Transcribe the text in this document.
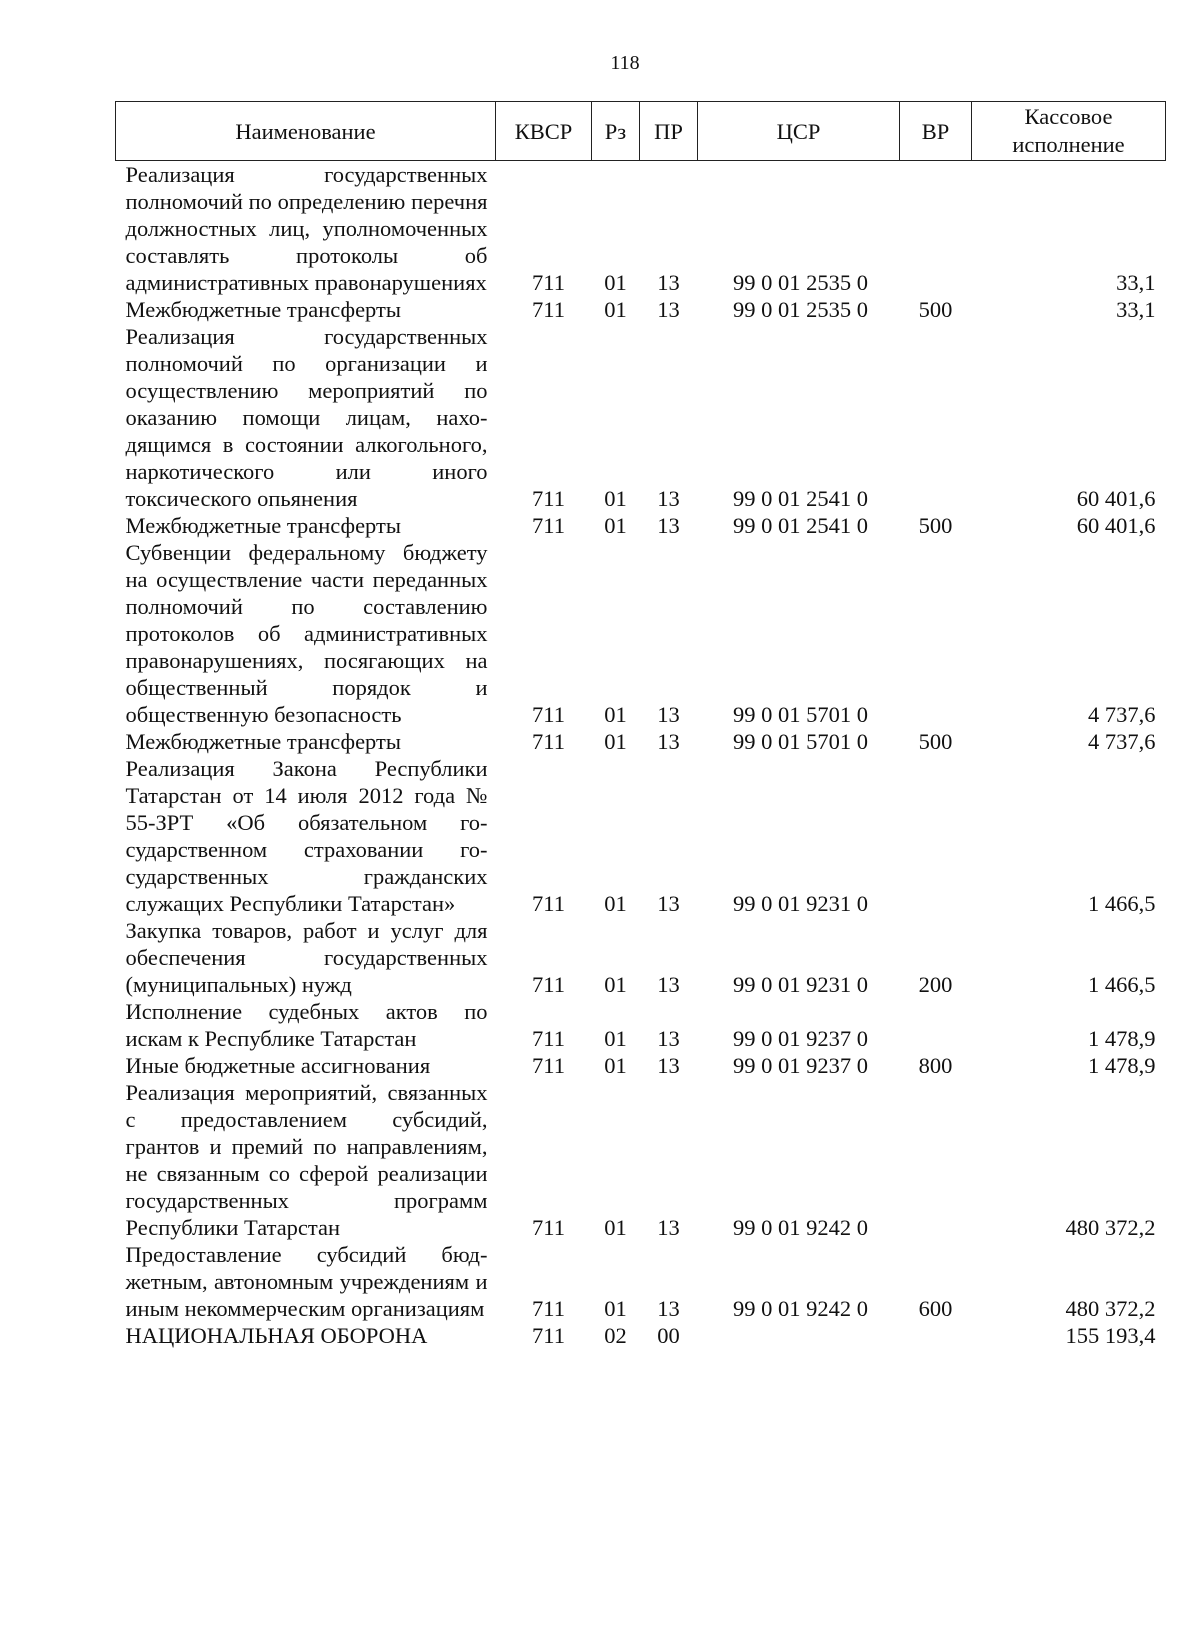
118
Наименование	КВСР	Рз	ПР	ЦСР	ВР	Кассовое
исполнение
Реализация государственных полномочий по определению перечня должностных лиц, уполномоченных составлять протоколы об административных правонарушениях	711	01	13	99 0 01 2535 0		33,1
Межбюджетные трансферты	711	01	13	99 0 01 2535 0	500	33,1
Реализация государственных полномочий по организации и осуществлению мероприятий по оказанию помощи лицам, находящимся в состоянии алкогольного, наркотического или иного токсического опьянения	711	01	13	99 0 01 2541 0		60 401,6
Межбюджетные трансферты	711	01	13	99 0 01 2541 0	500	60 401,6
Субвенции федеральному бюджету на осуществление части переданных полномочий по составлению протоколов об административных правонарушениях, посягающих на общественный порядок и общественную безопасность	711	01	13	99 0 01 5701 0		4 737,6
Межбюджетные трансферты	711	01	13	99 0 01 5701 0	500	4 737,6
Реализация Закона Республики Татарстан от 14 июля 2012 года № 55-ЗРТ «Об обязательном государственном страховании государственных гражданских служащих Республики Татарстан»	711	01	13	99 0 01 9231 0		1 466,5
Закупка товаров, работ и услуг для обеспечения государственных (муниципальных) нужд	711	01	13	99 0 01 9231 0	200	1 466,5
Исполнение судебных актов по искам к Республике Татарстан	711	01	13	99 0 01 9237 0		1 478,9
Иные бюджетные ассигнования	711	01	13	99 0 01 9237 0	800	1 478,9
Реализация мероприятий, связанных с предоставлением субсидий, грантов и премий по направлениям, не связанным со сферой реализации государственных программ Республики Татарстан	711	01	13	99 0 01 9242 0		480 372,2
Предоставление субсидий бюджетным, автономным учреждениям и иным некоммерческим организациям	711	01	13	99 0 01 9242 0	600	480 372,2
НАЦИОНАЛЬНАЯ ОБОРОНА	711	02	00			155 193,4
